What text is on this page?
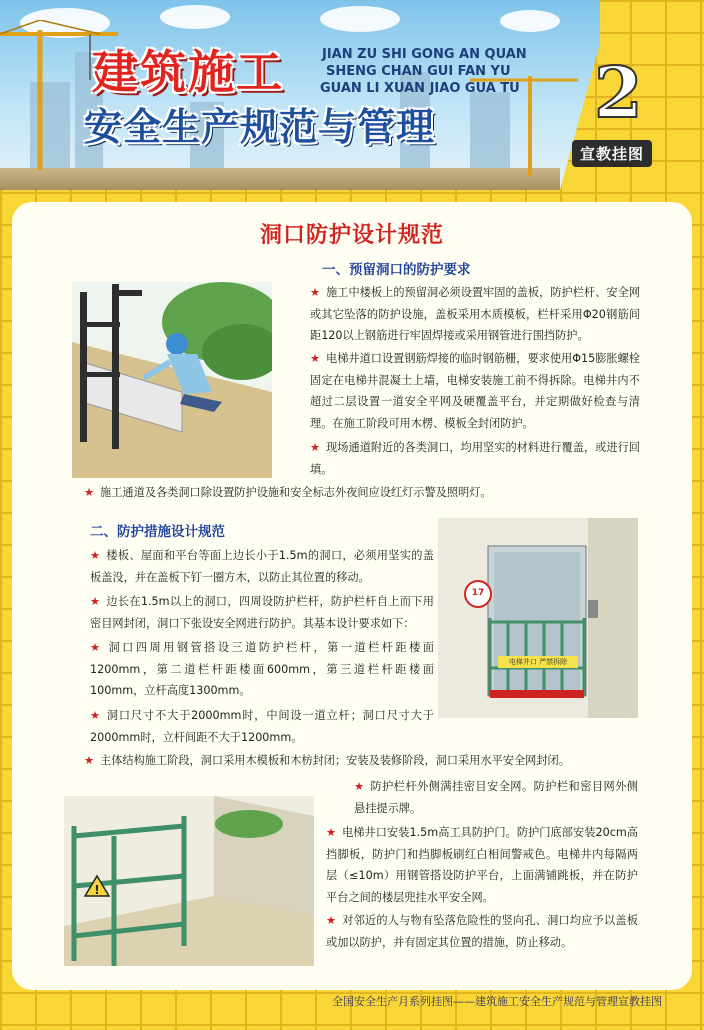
建筑施工
安全生产规范与管理
JIAN ZU SHI GONG AN QUAN
SHENG CHAN GUI FAN YU
GUAN LI XUAN JIAO GUA TU 2
宣教挂图
洞口防护设计规范
一、预留洞口的防护要求
★ 施工中楼板上的预留洞必须设置牢固的盖板，防护栏杆、安全网或其它坠落的防护设施，盖板采用木质模板，栏杆采用Φ20钢筋间距120以上钢筋进行牢固焊接或采用钢管进行围挡防护。
★ 电梯井道口设置钢筋焊接的临时钢筋栅，要求使用Φ15膨胀螺栓固定在电梯井混凝土上墙，电梯安装施工前不得拆除。电梯井内不超过二层设置一道安全平网及硬覆盖平台，并定期做好检查与清理。在施工阶段可用木楞、模板全封闭防护。
★ 现场通道附近的各类洞口，均用坚实的材料进行覆盖，或进行回填。
★ 施工通道及各类洞口除设置防护设施和安全标志外夜间应设红灯示警及照明灯。
二、防护措施设计规范
★ 楼板、屋面和平台等面上边长小于1.5m的洞口，必须用坚实的盖板盖没，并在盖板下钉一圈方木，以防止其位置的移动。
★ 边长在1.5m以上的洞口，四周设防护栏杆，防护栏杆自上而下用密目网封闭，洞口下张设安全网进行防护。其基本设计要求如下：
★ 洞口四周用钢管搭设三道防护栏杆，第一道栏杆距楼面1200mm，第二道栏杆距楼面600mm，第三道栏杆距楼面100mm，立杆高度1300mm。
★ 洞口尺寸不大于2000mm时，中间设一道立杆；洞口尺寸大于2000mm时，立杆间距不大于1200mm。
★ 主体结构施工阶段，洞口采用木模板和木枋封闭；安装及装修阶段，洞口采用水平安全网封闭。
★ 防护栏杆外侧满挂密目安全网。防护栏和密目网外侧悬挂提示牌。
★ 电梯井口安装1.5m高工具防护门。防护门底部安装20cm高挡脚板，防护门和挡脚板刷红白相间警戒色。电梯井内每隔两层（≤10m）用钢管搭设防护平台，上面满铺跳板，并在防护平台之间的楼层兜挂水平安全网。
★ 对邻近的人与物有坠落危险性的竖向孔、洞口均应予以盖板或加以防护，并有固定其位置的措施，防止移动。
17
电梯井口 严禁拆除
!
全国安全生产月系列挂图——建筑施工安全生产规范与管理宣教挂图
